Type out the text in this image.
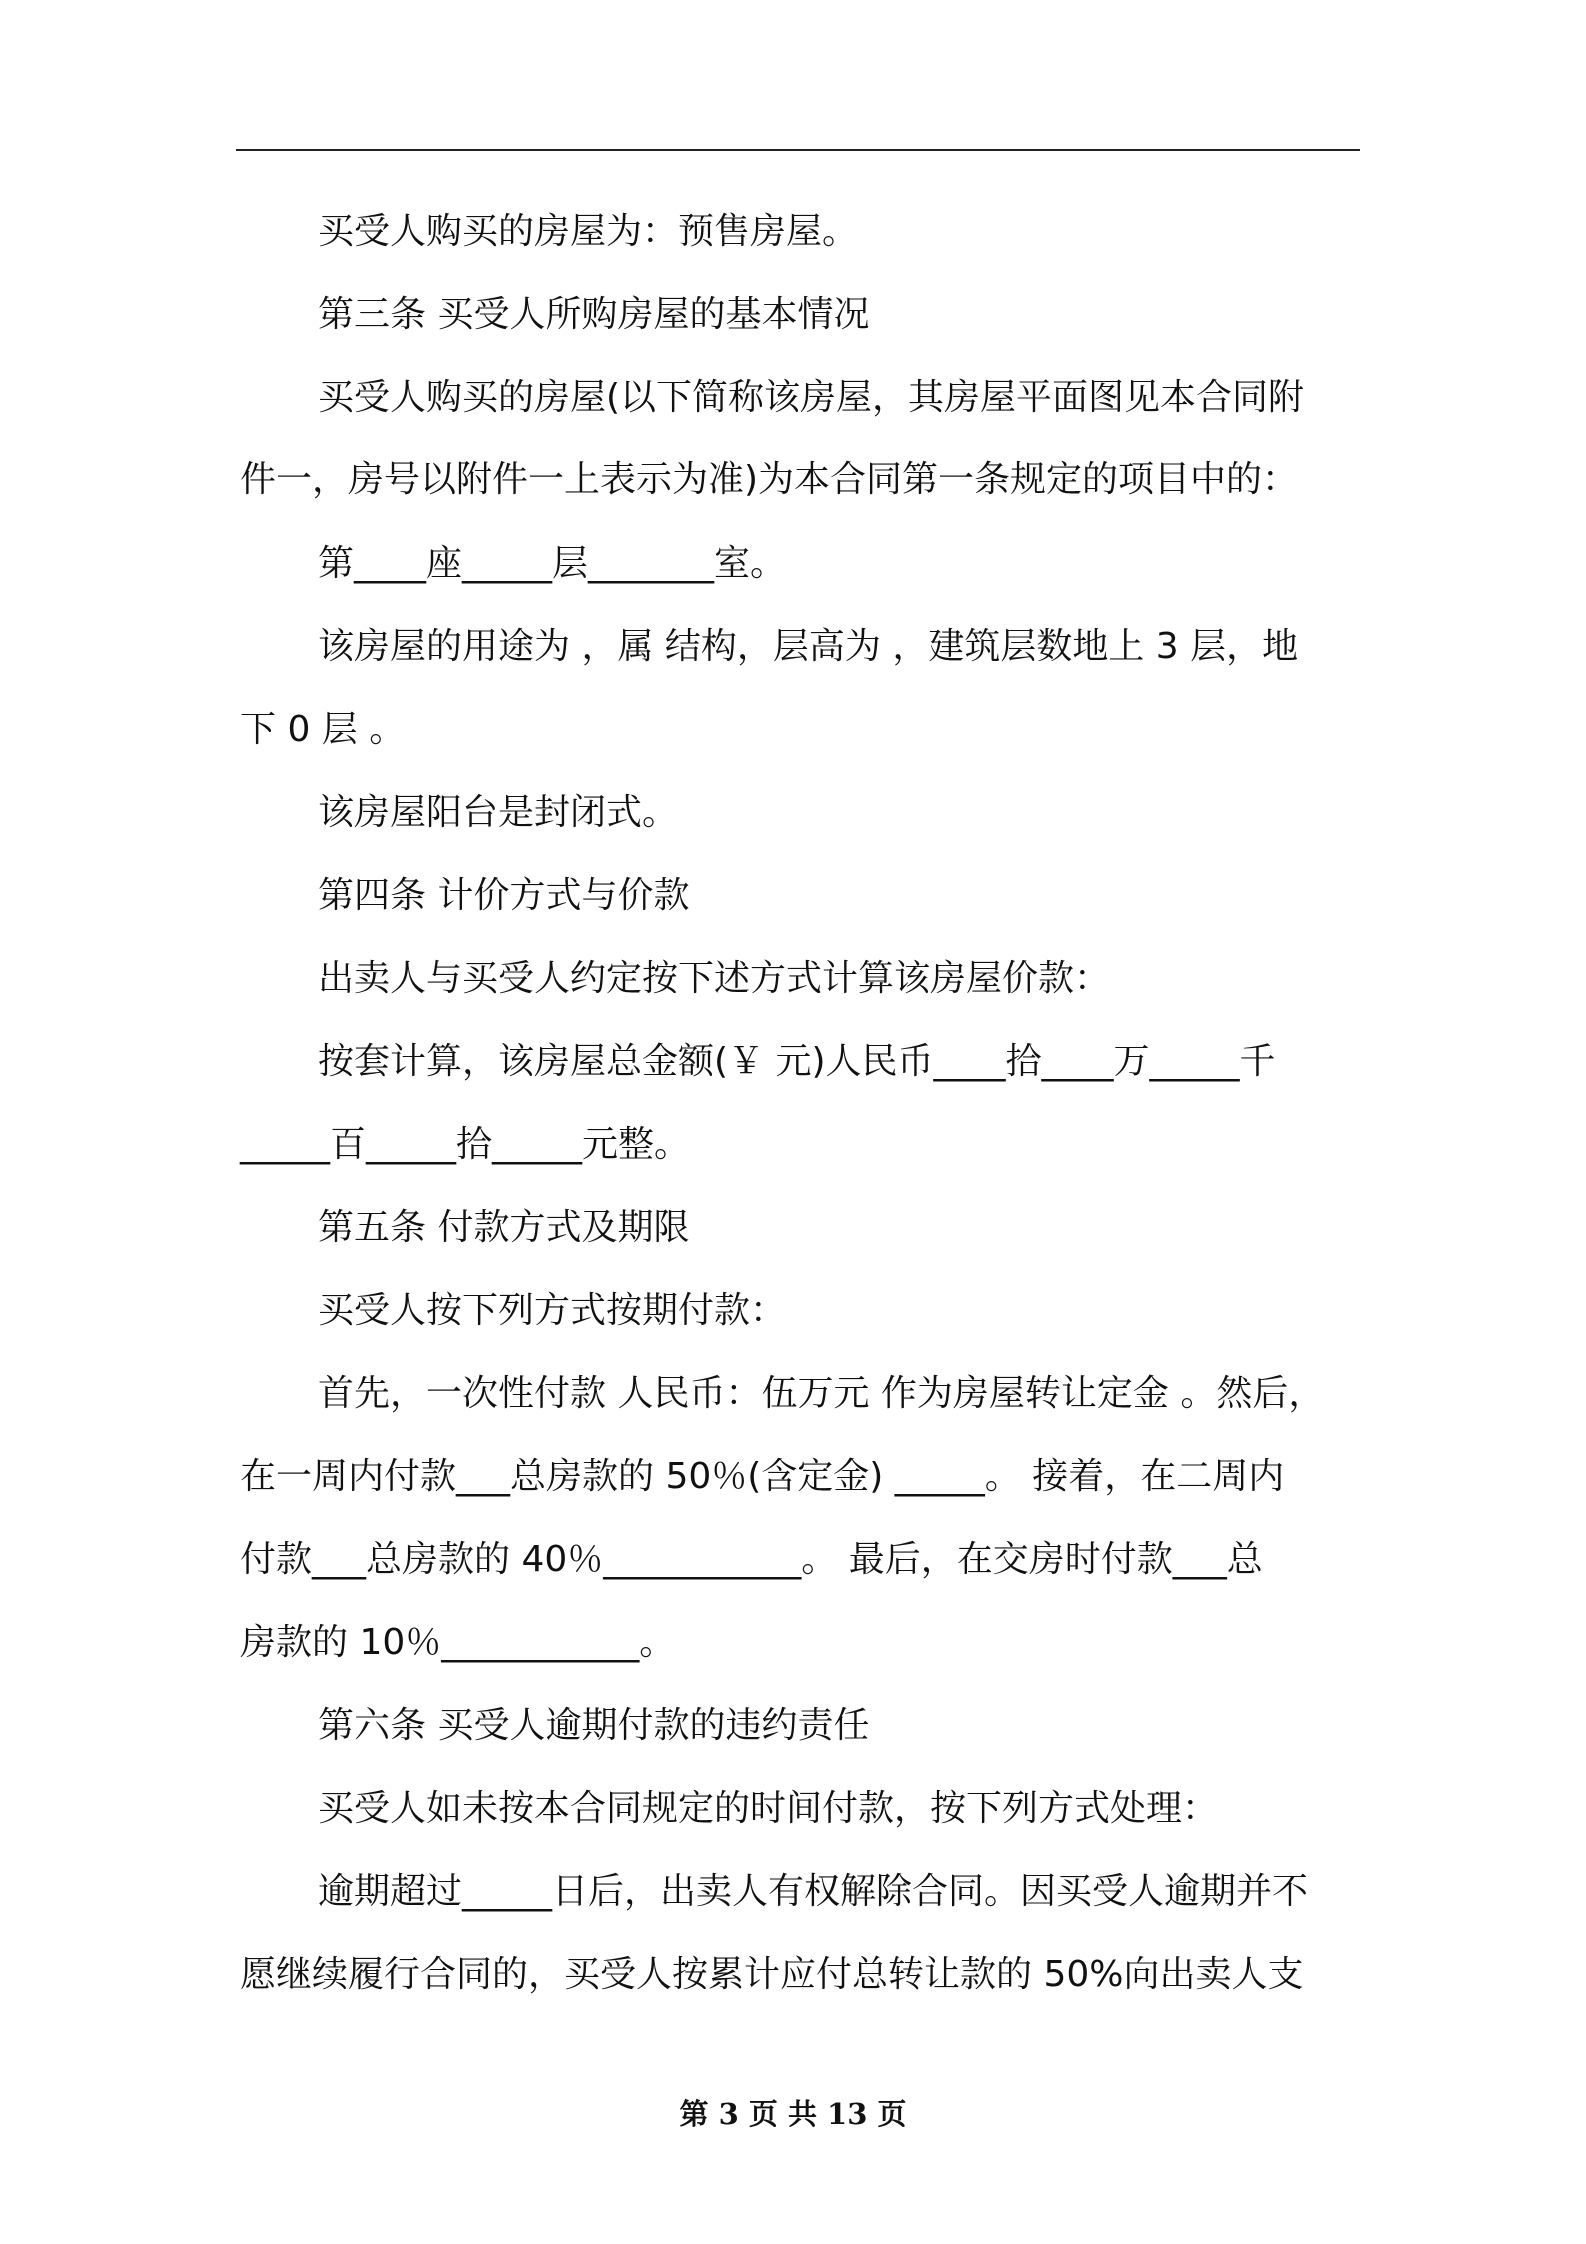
买受人购买的房屋为：预售房屋。
第三条 买受人所购房屋的基本情况
买受人购买的房屋(以下简称该房屋，其房屋平面图见本合同附
件一，房号以附件一上表示为准)为本合同第一条规定的项目中的：
第____座_____层_______室。
该房屋的用途为 ，属 结构，层高为 ，建筑层数地上 3 层，地
下 0 层 。
该房屋阳台是封闭式。
第四条 计价方式与价款
出卖人与买受人约定按下述方式计算该房屋价款：
按套计算，该房屋总金额(￥ 元)人民币____拾____万_____千
_____百_____拾_____元整。
第五条 付款方式及期限
买受人按下列方式按期付款：
首先，一次性付款 人民币：伍万元 作为房屋转让定金 。然后，
在一周内付款___总房款的 50％(含定金) _____。 接着，在二周内
付款___总房款的 40％___________。 最后，在交房时付款___总
房款的 10％___________。
第六条 买受人逾期付款的违约责任
买受人如未按本合同规定的时间付款，按下列方式处理：
逾期超过_____日后，出卖人有权解除合同。因买受人逾期并不
愿继续履行合同的，买受人按累计应付总转让款的 50%向出卖人支
第 3 页 共 13 页
